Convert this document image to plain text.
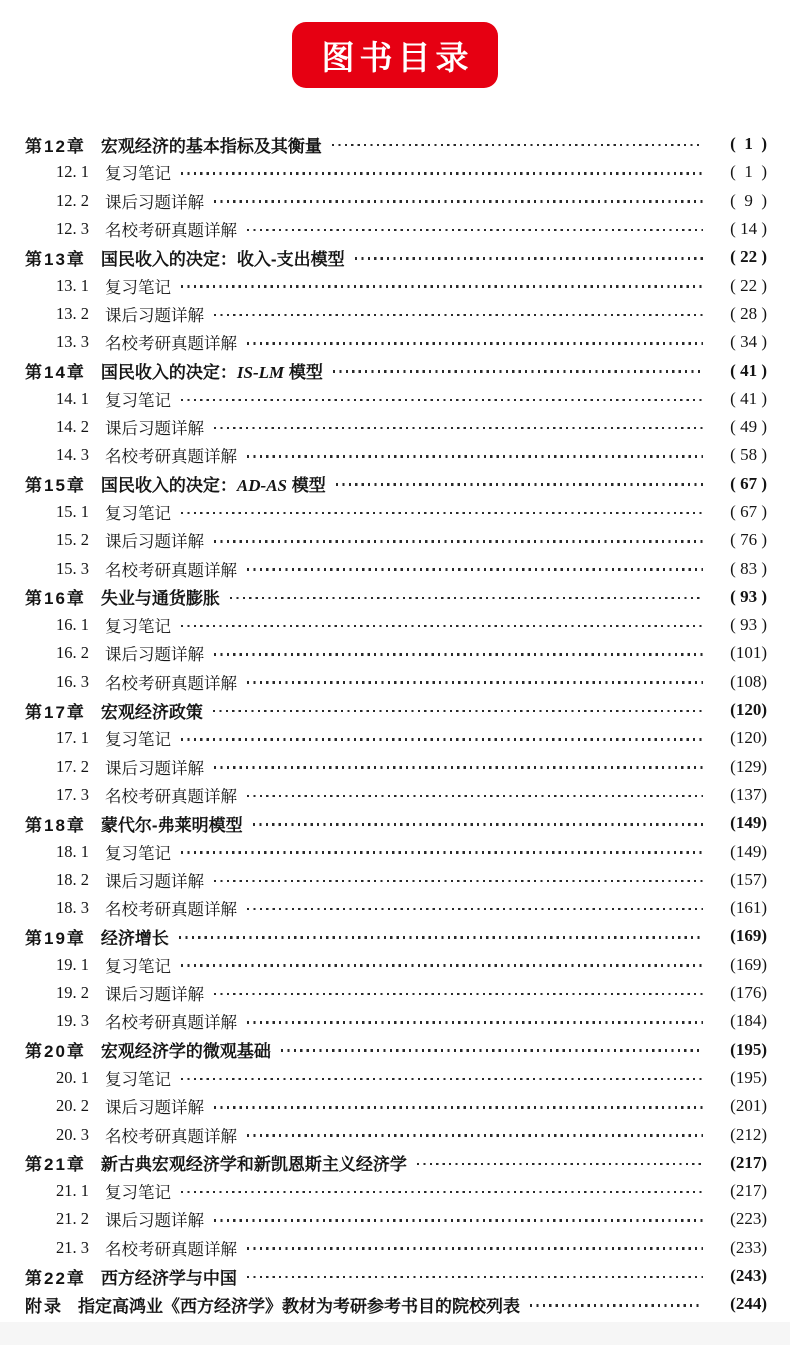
图书目录
第12章 宏观经济的基本指标及其衡量	(  1  )
12. 1 复习笔记	(  1  )
12. 2 课后习题详解	(  9  )
12. 3 名校考研真题详解	( 14 )
第13章 国民收入的决定：收入-支出模型	( 22 )
13. 1 复习笔记	( 22 )
13. 2 课后习题详解	( 28 )
13. 3 名校考研真题详解	( 34 )
第14章 国民收入的决定：IS-LM 模型	( 41 )
14. 1 复习笔记	( 41 )
14. 2 课后习题详解	( 49 )
14. 3 名校考研真题详解	( 58 )
第15章 国民收入的决定：AD-AS 模型	( 67 )
15. 1 复习笔记	( 67 )
15. 2 课后习题详解	( 76 )
15. 3 名校考研真题详解	( 83 )
第16章 失业与通货膨胀	( 93 )
16. 1 复习笔记	( 93 )
16. 2 课后习题详解	(101)
16. 3 名校考研真题详解	(108)
第17章 宏观经济政策	(120)
17. 1 复习笔记	(120)
17. 2 课后习题详解	(129)
17. 3 名校考研真题详解	(137)
第18章 蒙代尔-弗莱明模型	(149)
18. 1 复习笔记	(149)
18. 2 课后习题详解	(157)
18. 3 名校考研真题详解	(161)
第19章 经济增长	(169)
19. 1 复习笔记	(169)
19. 2 课后习题详解	(176)
19. 3 名校考研真题详解	(184)
第20章 宏观经济学的微观基础	(195)
20. 1 复习笔记	(195)
20. 2 课后习题详解	(201)
20. 3 名校考研真题详解	(212)
第21章 新古典宏观经济学和新凯恩斯主义经济学	(217)
21. 1 复习笔记	(217)
21. 2 课后习题详解	(223)
21. 3 名校考研真题详解	(233)
第22章 西方经济学与中国	(243)
附录 指定高鸿业《西方经济学》教材为考研参考书目的院校列表	(244)
